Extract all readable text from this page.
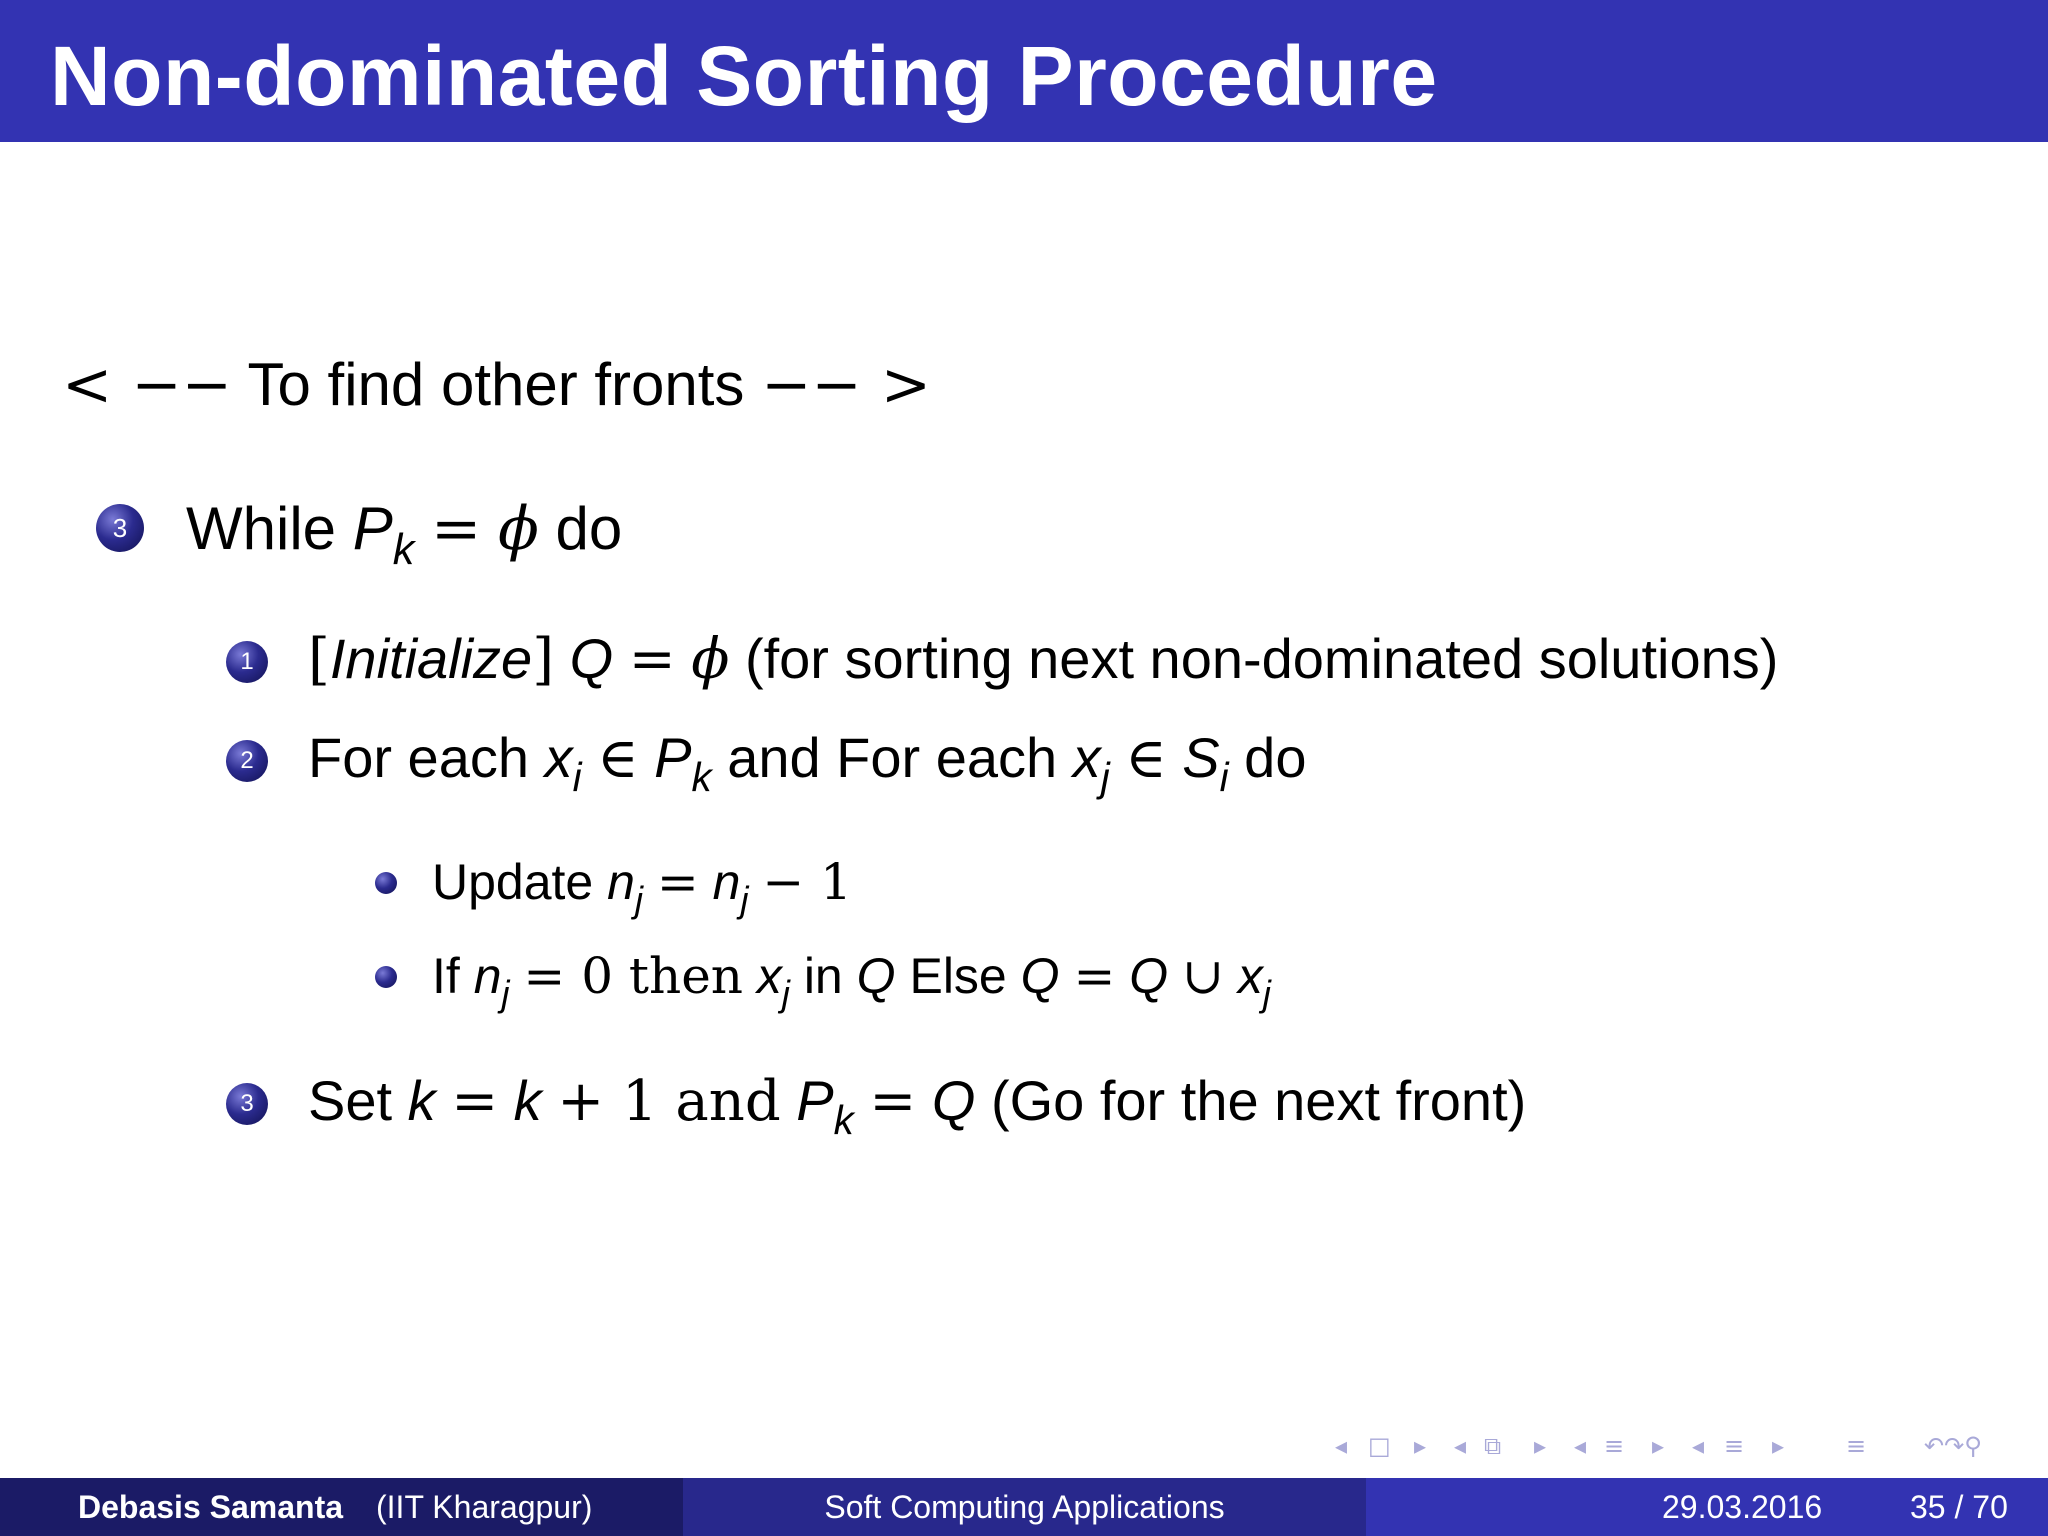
Non-dominated Sorting Procedure
< −− To find other fronts −− >
3 While $P_k = \phi$ do
1 [Initialize] Q = ϕ (for sorting next non-dominated solutions)
2 For each $x_i$ ∈ $P_k$ and For each $x_j$ ∈ $S_i$ do
Update $n_j = n_j - 1$
If $n_j = 0$ then $x_j$ in Q Else Q = Q ∪ $x_j$
3 Set k = k + 1 and $P_k = Q$ (Go for the next front)
◂ □ ▸ ◂ ⧉ ▸ ◂ ≡ ▸ ◂ ≡ ▸	≡ ↶↷⚲
Debasis Samanta (IIT Kharagpur)	Soft Computing Applications	29.03.2016	35 / 70
